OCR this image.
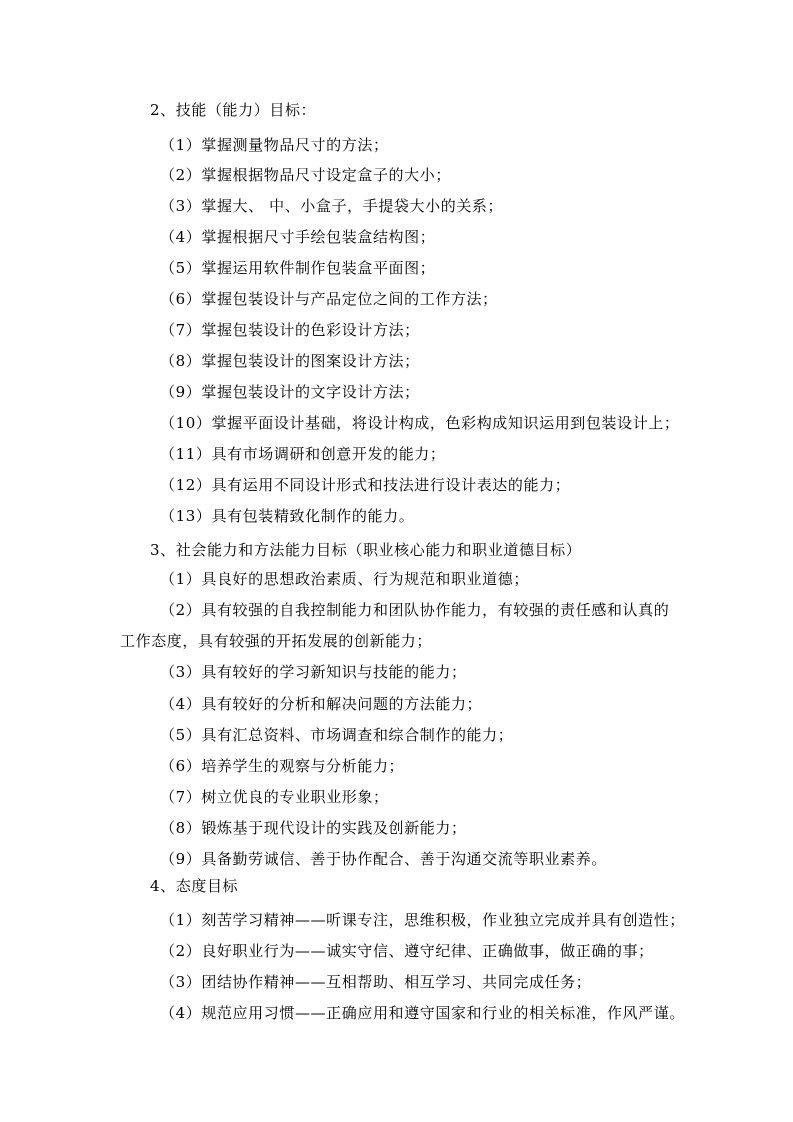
2、技能（能力）目标：
（1）掌握测量物品尺寸的方法；
（2）掌握根据物品尺寸设定盒子的大小；
（3）掌握大、 中、小盒子，手提袋大小的关系；
（4）掌握根据尺寸手绘包装盒结构图；
（5）掌握运用软件制作包装盒平面图；
（6）掌握包装设计与产品定位之间的工作方法；
（7）掌握包装设计的色彩设计方法；
（8）掌握包装设计的图案设计方法；
（9）掌握包装设计的文字设计方法；
（10）掌握平面设计基础，将设计构成，色彩构成知识运用到包装设计上；
（11）具有市场调研和创意开发的能力；
（12）具有运用不同设计形式和技法进行设计表达的能力；
（13）具有包装精致化制作的能力。
3、社会能力和方法能力目标（职业核心能力和职业道德目标）
（1）具良好的思想政治素质、行为规范和职业道德；
（2）具有较强的自我控制能力和团队协作能力，有较强的责任感和认真的
工作态度，具有较强的开拓发展的创新能力；
（3）具有较好的学习新知识与技能的能力；
（4）具有较好的分析和解决问题的方法能力；
（5）具有汇总资料、市场调查和综合制作的能力；
（6）培养学生的观察与分析能力；
（7）树立优良的专业职业形象；
（8）锻炼基于现代设计的实践及创新能力；
（9）具备勤劳诚信、善于协作配合、善于沟通交流等职业素养。
4、态度目标
（1）刻苦学习精神——听课专注，思维积极，作业独立完成并具有创造性；
（2）良好职业行为——诚实守信、遵守纪律、正确做事，做正确的事；
（3）团结协作精神——互相帮助、相互学习、共同完成任务；
（4）规范应用习惯——正确应用和遵守国家和行业的相关标准，作风严谨。
